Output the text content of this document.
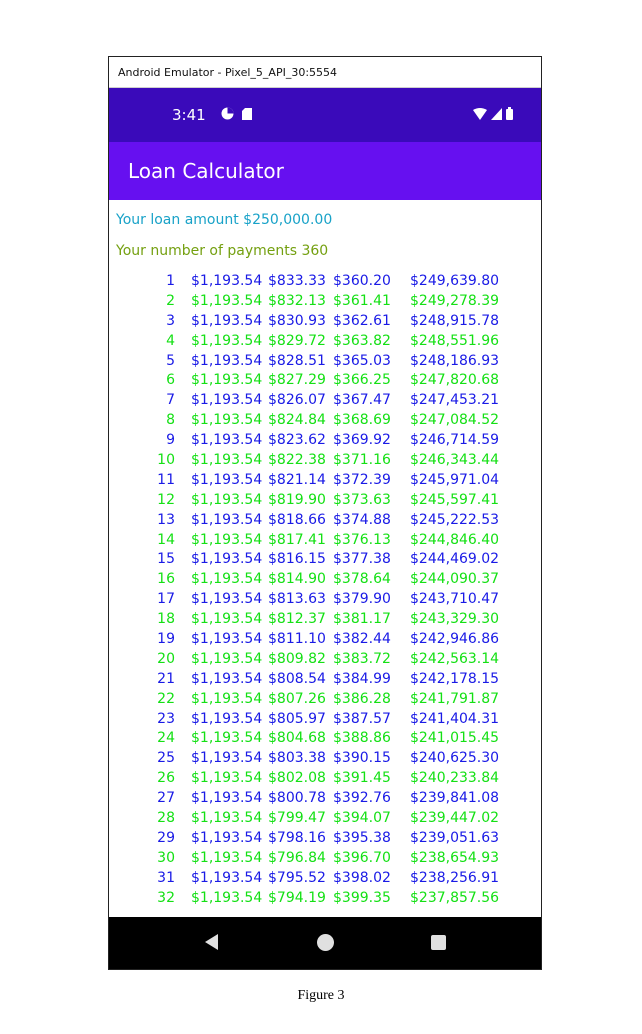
Android Emulator - Pixel_5_API_30:5554
3:41
Loan Calculator
Your loan amount $250,000.00
Your number of payments 360
1 $1,193.54 $833.33 $360.20 $249,639.80
2 $1,193.54 $832.13 $361.41 $249,278.39
3 $1,193.54 $830.93 $362.61 $248,915.78
4 $1,193.54 $829.72 $363.82 $248,551.96
5 $1,193.54 $828.51 $365.03 $248,186.93
6 $1,193.54 $827.29 $366.25 $247,820.68
7 $1,193.54 $826.07 $367.47 $247,453.21
8 $1,193.54 $824.84 $368.69 $247,084.52
9 $1,193.54 $823.62 $369.92 $246,714.59
10 $1,193.54 $822.38 $371.16 $246,343.44
11 $1,193.54 $821.14 $372.39 $245,971.04
12 $1,193.54 $819.90 $373.63 $245,597.41
13 $1,193.54 $818.66 $374.88 $245,222.53
14 $1,193.54 $817.41 $376.13 $244,846.40
15 $1,193.54 $816.15 $377.38 $244,469.02
16 $1,193.54 $814.90 $378.64 $244,090.37
17 $1,193.54 $813.63 $379.90 $243,710.47
18 $1,193.54 $812.37 $381.17 $243,329.30
19 $1,193.54 $811.10 $382.44 $242,946.86
20 $1,193.54 $809.82 $383.72 $242,563.14
21 $1,193.54 $808.54 $384.99 $242,178.15
22 $1,193.54 $807.26 $386.28 $241,791.87
23 $1,193.54 $805.97 $387.57 $241,404.31
24 $1,193.54 $804.68 $388.86 $241,015.45
25 $1,193.54 $803.38 $390.15 $240,625.30
26 $1,193.54 $802.08 $391.45 $240,233.84
27 $1,193.54 $800.78 $392.76 $239,841.08
28 $1,193.54 $799.47 $394.07 $239,447.02
29 $1,193.54 $798.16 $395.38 $239,051.63
30 $1,193.54 $796.84 $396.70 $238,654.93
31 $1,193.54 $795.52 $398.02 $238,256.91
32 $1,193.54 $794.19 $399.35 $237,857.56
Figure 3
